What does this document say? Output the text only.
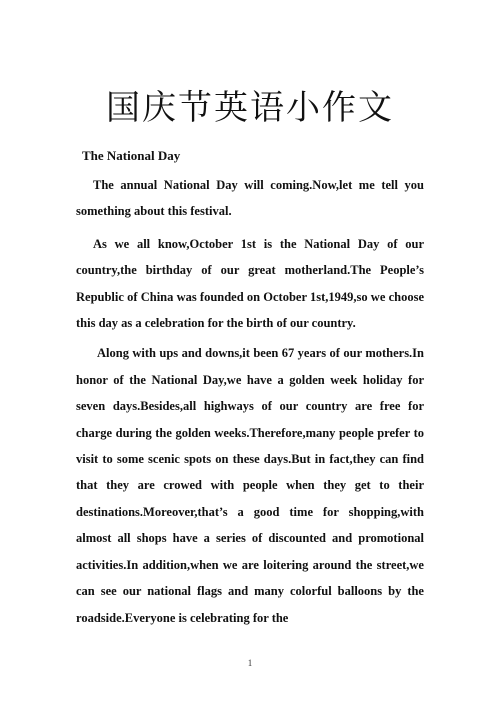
国庆节英语小作文
The National Day

The annual National Day will coming.Now,let me tell you something about this festival.

As we all know,October 1st is the National Day of our country,the birthday of our great motherland.The People’s Republic of China was founded on October 1st,1949,so we choose this day as a celebration for the birth of our country.

Along with ups and downs,it been 67 years of our mothers.In honor of the National Day,we have a golden week holiday for seven days.Besides,all highways of our country are free for charge during the golden weeks.Therefore,many people prefer to visit to some scenic spots on these days.But in fact,they can find that they are crowed with people when they get to their destinations.Moreover,that’s a good time for shopping,with almost all shops have a series of discounted and promotional activities.In addition,when we are loitering around the street,we can see our national flags and many colorful balloons by the roadside.Everyone is celebrating for the

1
